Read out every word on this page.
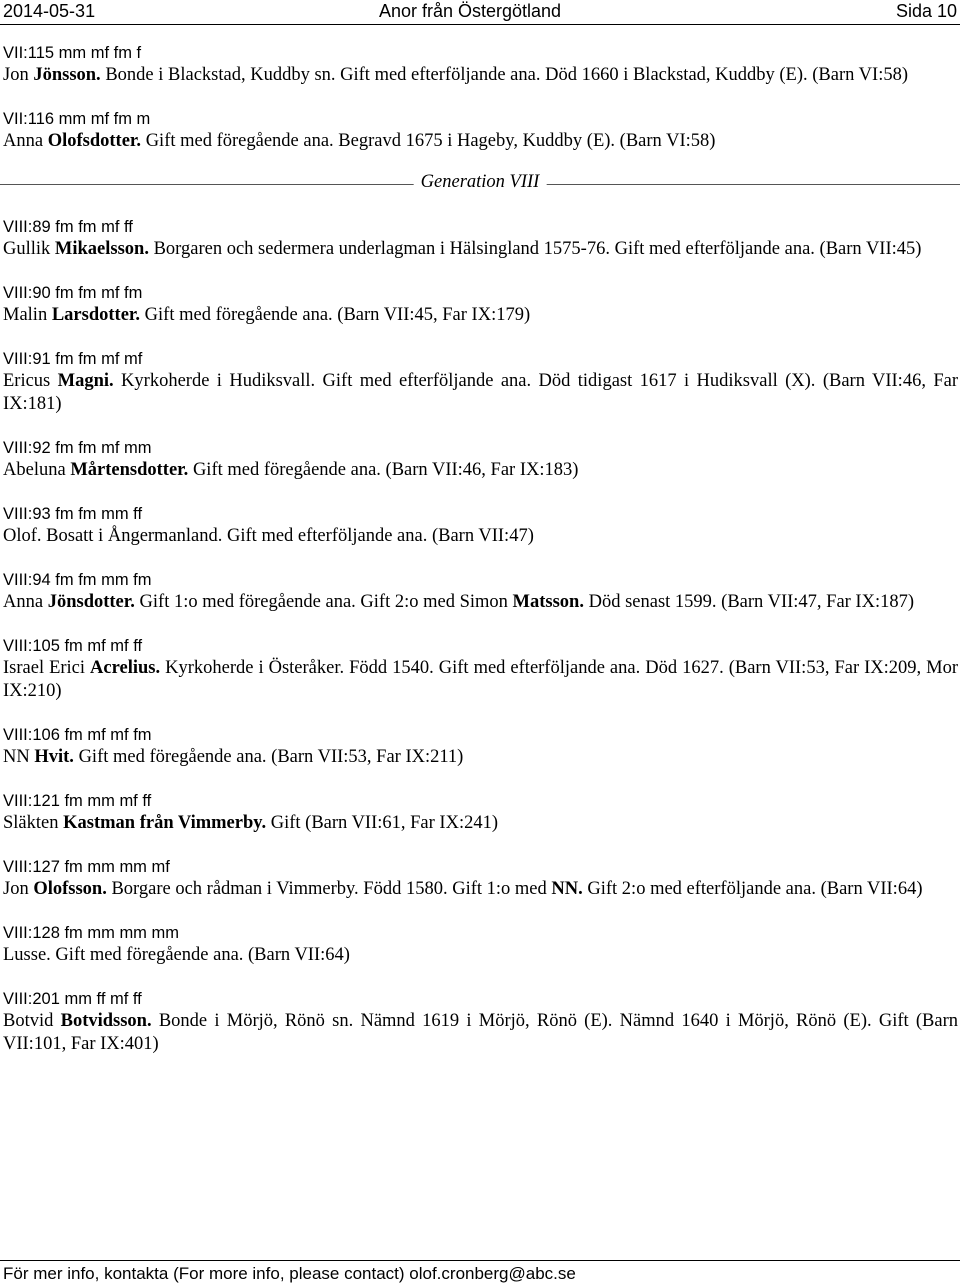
2014-05-31	Anor från Östergötland	Sida 10
VII:115 mm mf fm f
Jon Jönsson. Bonde i Blackstad, Kuddby sn. Gift med efterföljande ana. Död 1660 i Blackstad, Kuddby (E). (Barn VI:58)
VII:116 mm mf fm m
Anna Olofsdotter. Gift med föregående ana. Begravd 1675 i Hageby, Kuddby (E). (Barn VI:58)
Generation VIII
VIII:89 fm fm mf ff
Gullik Mikaelsson. Borgaren och sedermera underlagman i Hälsingland 1575-76. Gift med efterföljande ana. (Barn VII:45)
VIII:90 fm fm mf fm
Malin Larsdotter. Gift med föregående ana. (Barn VII:45, Far IX:179)
VIII:91 fm fm mf mf
Ericus Magni. Kyrkoherde i Hudiksvall. Gift med efterföljande ana. Död tidigast 1617 i Hudiksvall (X). (Barn VII:46, Far IX:181)
VIII:92 fm fm mf mm
Abeluna Mårtensdotter. Gift med föregående ana. (Barn VII:46, Far IX:183)
VIII:93 fm fm mm ff
Olof. Bosatt i Ångermanland. Gift med efterföljande ana. (Barn VII:47)
VIII:94 fm fm mm fm
Anna Jönsdotter. Gift 1:o med föregående ana. Gift 2:o med Simon Matsson. Död senast 1599. (Barn VII:47, Far IX:187)
VIII:105 fm mf mf ff
Israel Erici Acrelius. Kyrkoherde i Österåker. Född 1540. Gift med efterföljande ana. Död 1627. (Barn VII:53, Far IX:209, Mor IX:210)
VIII:106 fm mf mf fm
NN Hvit. Gift med föregående ana. (Barn VII:53, Far IX:211)
VIII:121 fm mm mf ff
Släkten Kastman från Vimmerby. Gift (Barn VII:61, Far IX:241)
VIII:127 fm mm mm mf
Jon Olofsson. Borgare och rådman i Vimmerby. Född 1580. Gift 1:o med NN. Gift 2:o med efterföljande ana. (Barn VII:64)
VIII:128 fm mm mm mm
Lusse. Gift med föregående ana. (Barn VII:64)
VIII:201 mm ff mf ff
Botvid Botvidsson. Bonde i Mörjö, Rönö sn. Nämnd 1619 i Mörjö, Rönö (E). Nämnd 1640 i Mörjö, Rönö (E). Gift (Barn VII:101, Far IX:401)
För mer info, kontakta (For more info, please contact) olof.cronberg@abc.se
